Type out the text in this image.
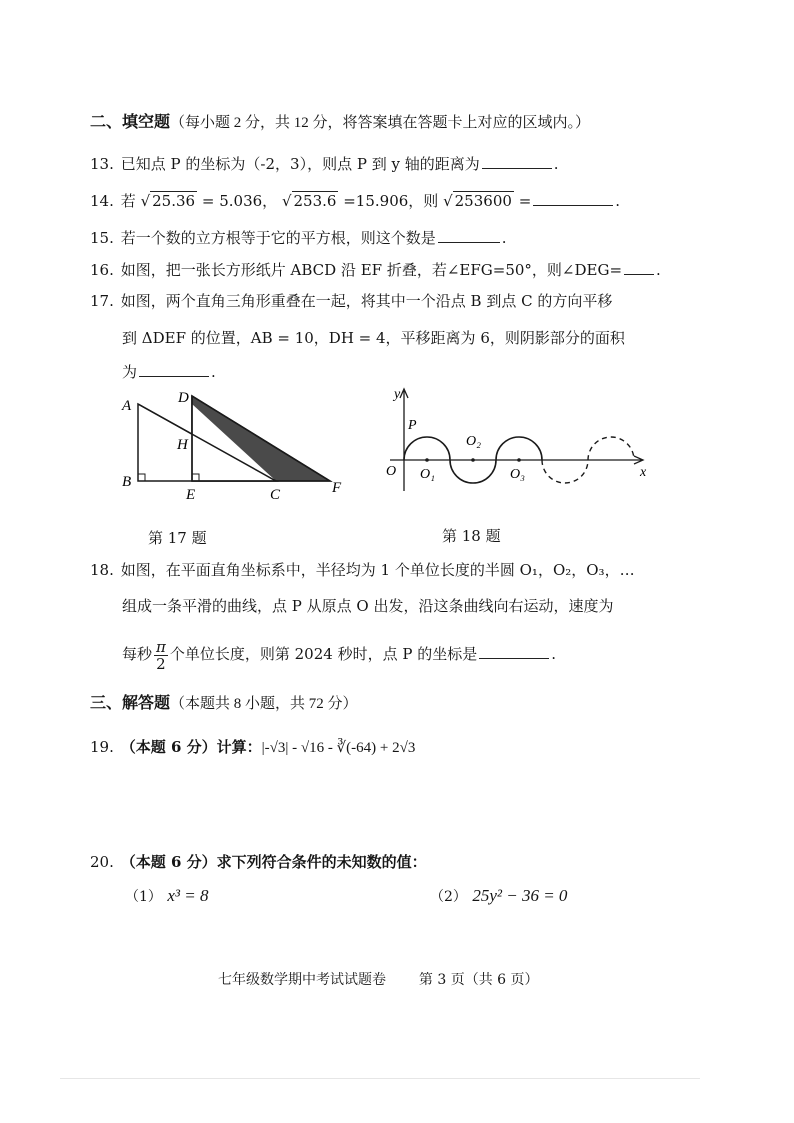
二、填空题（每小题 2 分，共 12 分，将答案填在答题卡上对应的区域内。）
13. 已知点 P 的坐标为（-2，3），则点 P 到 y 轴的距离为	.
14. 若 √ 25.36 = 5.036， √ 253.6 =15.906，则 √ 253600 =	.
15. 若一个数的立方根等于它的平方根，则这个数是	.
16. 如图，把一张长方形纸片 ABCD 沿 EF 折叠，若∠EFG=50°，则∠DEG= .
17. 如图，两个直角三角形重叠在一起，将其中一个沿点 B 到点 C 的方向平移
到 ΔDEF 的位置，AB = 10，DH = 4，平移距离为 6，则阴影部分的面积
为	.
A
B
C
D
E	F
H
第 17 题
y
x
O
P
O₁
O₂
O₃
第 18 题
18. 如图，在平面直角坐标系中，半径均为 1 个单位长度的半圆 O₁，O₂，O₃，…
组成一条平滑的曲线，点 P 从原点 O 出发，沿这条曲线向右运动，速度为
每秒 $\frac{\pi}{2}$ 个单位长度，则第 2024 秒时，点 P 的坐标是	.
三、解答题（本题共 8 小题，共 72 分）
19. （本题 6 分）计算：|-√3| - √16 - ∛(-64) + 2√3
20. （本题 6 分）求下列符合条件的未知数的值：
（1） x³ = 8	（2） 25y² − 36 = 0
七年级数学期中考试试题卷 第 3 页（共 6 页）
